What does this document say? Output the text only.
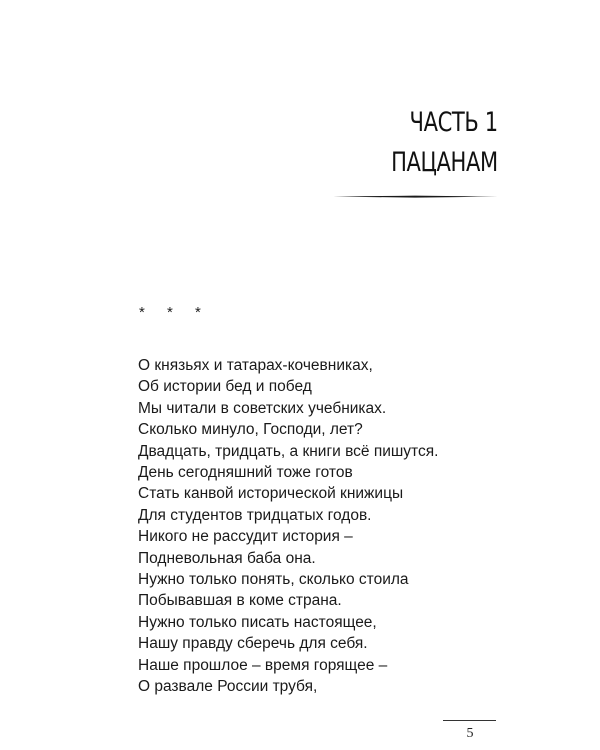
ЧАСТЬ 1
ПАЦАНАМ
* * *
О князьях и татарах-кочевниках,
Об истории бед и побед
Мы читали в советских учебниках.
Сколько минуло, Господи, лет?
Двадцать, тридцать, а книги всё пишутся.
День сегодняшний тоже готов
Стать канвой исторической книжицы
Для студентов тридцатых годов.
Никого не рассудит история –
Подневольная баба она.
Нужно только понять, сколько стоила
Побывавшая в коме страна.
Нужно только писать настоящее,
Нашу правду сберечь для себя.
Наше прошлое – время горящее –
О развале России трубя,
5
